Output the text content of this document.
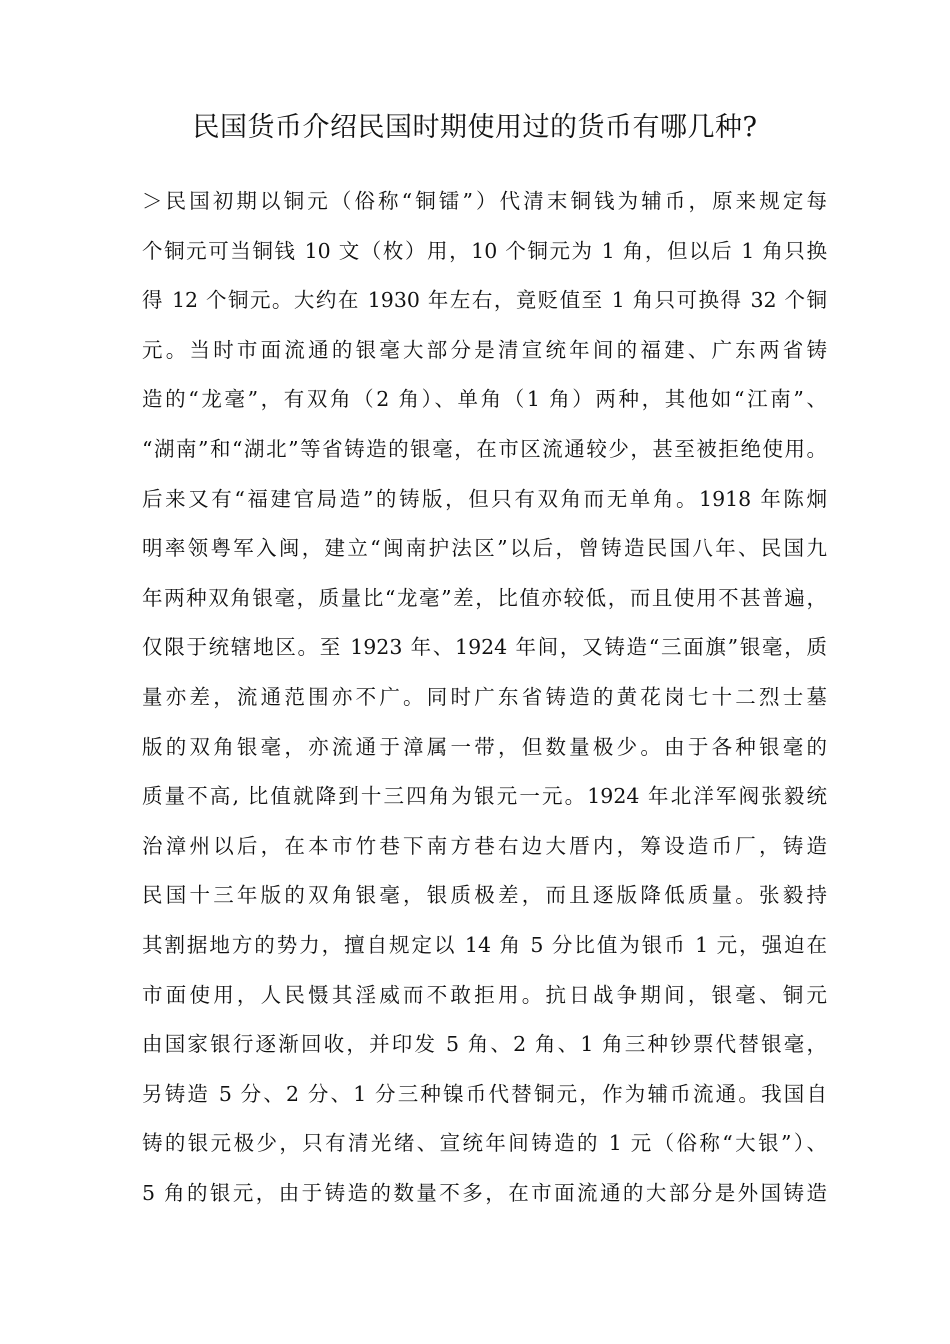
民国货币介绍民国时期使用过的货币有哪几种?
＞民国初期以铜元（俗称“铜镭”）代清末铜钱为辅币，原来规定每
个铜元可当铜钱 10 文（枚）用，10 个铜元为 1 角，但以后 1 角只换
得 12 个铜元。大约在 1930 年左右，竟贬值至 1 角只可换得 32 个铜
元。当时市面流通的银毫大部分是清宣统年间的福建、广东两省铸
造的“龙毫”，有双角（2 角）、单角（1 角）两种，其他如“江南”、
“湖南”和“湖北”等省铸造的银毫，在市区流通较少，甚至被拒绝使用。
后来又有“福建官局造”的铸版，但只有双角而无单角。1918 年陈炯
明率领粤军入闽，建立“闽南护法区”以后，曾铸造民国八年、民国九
年两种双角银毫，质量比“龙毫”差，比值亦较低，而且使用不甚普遍，
仅限于统辖地区。至 1923 年、1924 年间，又铸造“三面旗”银毫，质
量亦差，流通范围亦不广。同时广东省铸造的黄花岗七十二烈士墓
版的双角银毫，亦流通于漳属一带，但数量极少。由于各种银毫的
质量不高, 比值就降到十三四角为银元一元。1924 年北洋军阀张毅统
治漳州以后，在本市竹巷下南方巷右边大厝内，筹设造币厂，铸造
民国十三年版的双角银毫，银质极差，而且逐版降低质量。张毅持
其割据地方的势力，擅自规定以 14 角 5 分比值为银币 1 元，强迫在
市面使用，人民慑其淫威而不敢拒用。抗日战争期间，银毫、铜元
由国家银行逐渐回收，并印发 5 角、2 角、1 角三种钞票代替银毫，
另铸造 5 分、2 分、1 分三种镍币代替铜元，作为辅币流通。我国自
铸的银元极少，只有清光绪、宣统年间铸造的 1 元（俗称“大银”）、
5 角的银元，由于铸造的数量不多，在市面流通的大部分是外国铸造
